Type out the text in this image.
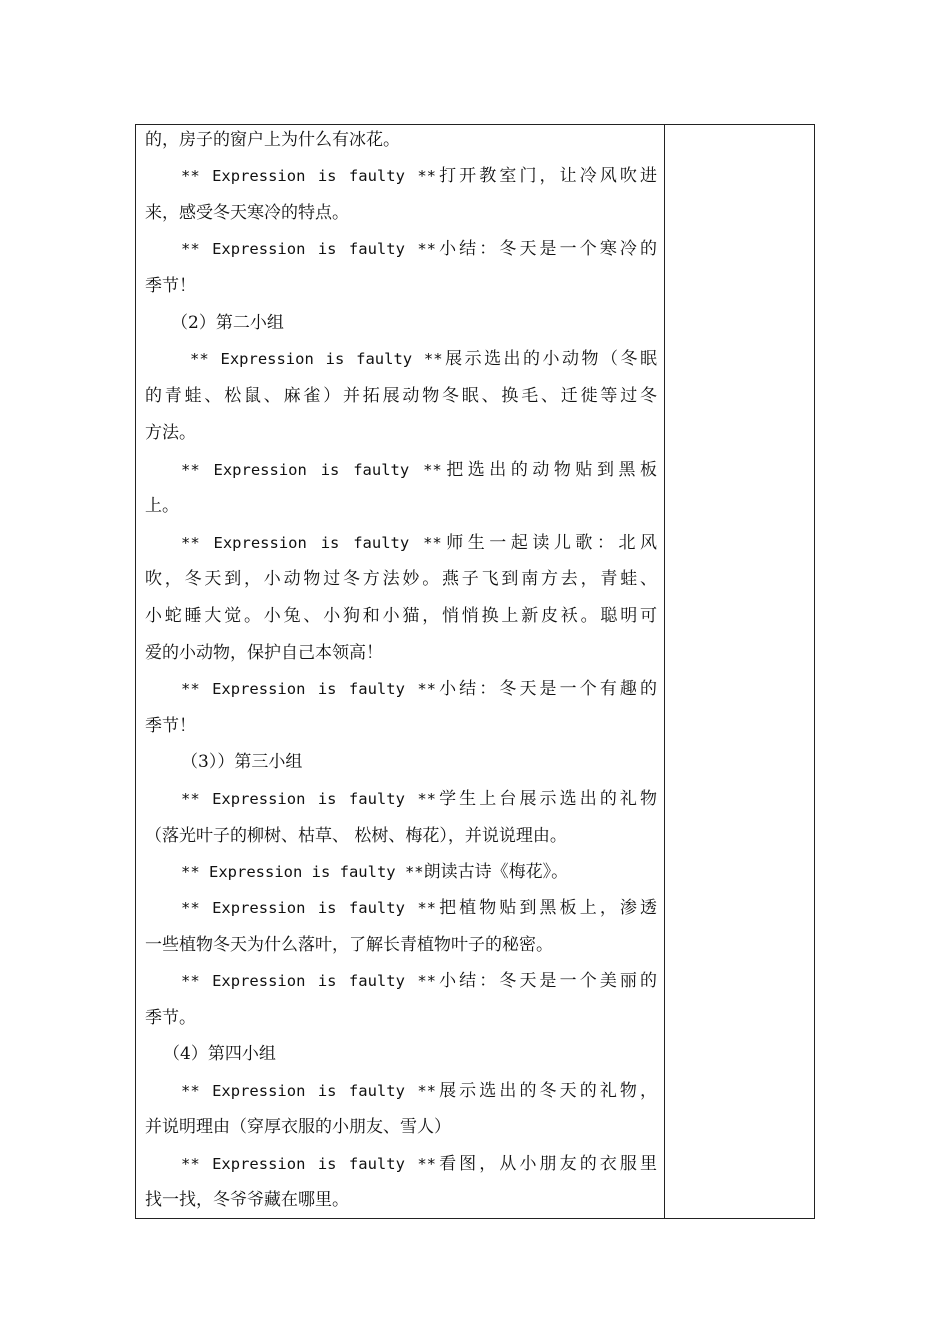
的，房子的窗户上为什么有冰花。
** Expression is faulty **打开教室门，让冷风吹进
来，感受冬天寒冷的特点。
** Expression is faulty **小结：冬天是一个寒冷的
季节！
（2）第二小组
** Expression is faulty **展示选出的小动物（冬眠
的青蛙、松鼠、麻雀）并拓展动物冬眠、换毛、迁徙等过冬
方法。
** Expression is faulty **把选出的动物贴到黑板
上。
** Expression is faulty **师生一起读儿歌：北风
吹，冬天到，小动物过冬方法妙。燕子飞到南方去，青蛙、
小蛇睡大觉。小兔、小狗和小猫，悄悄换上新皮袄。聪明可
爱的小动物，保护自己本领高！
** Expression is faulty **小结：冬天是一个有趣的
季节！
（3））第三小组
** Expression is faulty **学生上台展示选出的礼物
（落光叶子的柳树、枯草、 松树、梅花），并说说理由。
** Expression is faulty **朗读古诗《梅花》。
** Expression is faulty **把植物贴到黑板上，渗透
一些植物冬天为什么落叶，了解长青植物叶子的秘密。
** Expression is faulty **小结：冬天是一个美丽的
季节。
（4）第四小组
** Expression is faulty **展示选出的冬天的礼物，
并说明理由（穿厚衣服的小朋友、雪人）
** Expression is faulty **看图，从小朋友的衣服里
找一找，冬爷爷藏在哪里。
